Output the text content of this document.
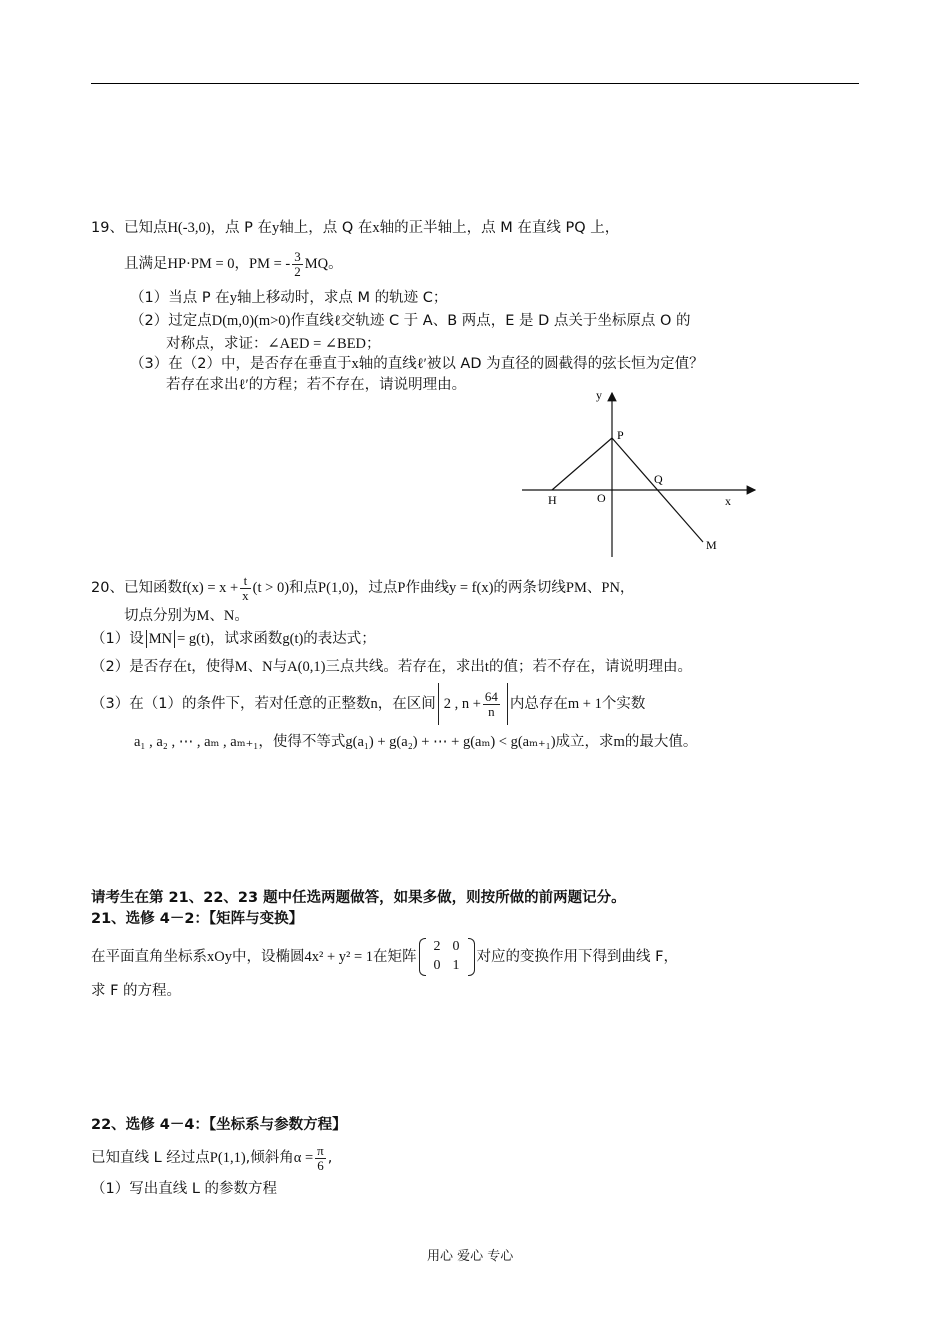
19、已知点H(-3,0)，点 P 在y轴上，点 Q 在x轴的正半轴上，点 M 在直线 PQ 上，
且满足HP·PM = 0，PM = - $\frac{3}{2}$ MQ。
（1）当点 P 在y轴上移动时，求点 M 的轨迹 C；
（2）过定点D(m,0)(m>0)作直线ℓ交轨迹 C 于 A、B 两点，E 是 D 点关于坐标原点 O 的
对称点，求证：∠AED = ∠BED；
（3）在（2）中，是否存在垂直于x轴的直线ℓ′被以 AD 为直径的圆截得的弦长恒为定值？
若存在求出ℓ′的方程；若不存在，请说明理由。
y
P
Q
H	O	x
M
20、已知函数$f(x) = x + \frac{t}{x} (t > 0)$和点P(1,0)，过点P作曲线y = f(x)的两条切线PM、PN，
切点分别为M、N。
（1）设 MN = g(t)，试求函数g(t)的表达式；
（2）是否存在t，使得M、N与A(0,1)三点共线。若存在，求出t的值；若不存在，请说明理由。
（3）在（1）的条件下，若对任意的正整数n，在区间 2 , $n + \frac{64}{n}$ 内总存在m + 1个实数
a₁ , a₂ , ⋯ , aₘ , aₘ₊₁，使得不等式g(a₁) + g(a₂) + ⋯ + g(aₘ) < g(aₘ₊₁)成立，求m的最大值。
请考生在第 21、22、23 题中任选两题做答，如果多做，则按所做的前两题记分。
21、选修 4－2：【矩阵与变换】
在平面直角坐标系xOy中，设椭圆4x² + y² = 1在矩阵
2	0
0	1
对应的变换作用下得到曲线 F，
求 F 的方程。
22、选修 4－4：【坐标系与参数方程】
已知直线 L 经过点P(1,1),倾斜角$\alpha = \frac{\pi}{6}$ ,
（1）写出直线 L 的参数方程
用心 爱心 专心
